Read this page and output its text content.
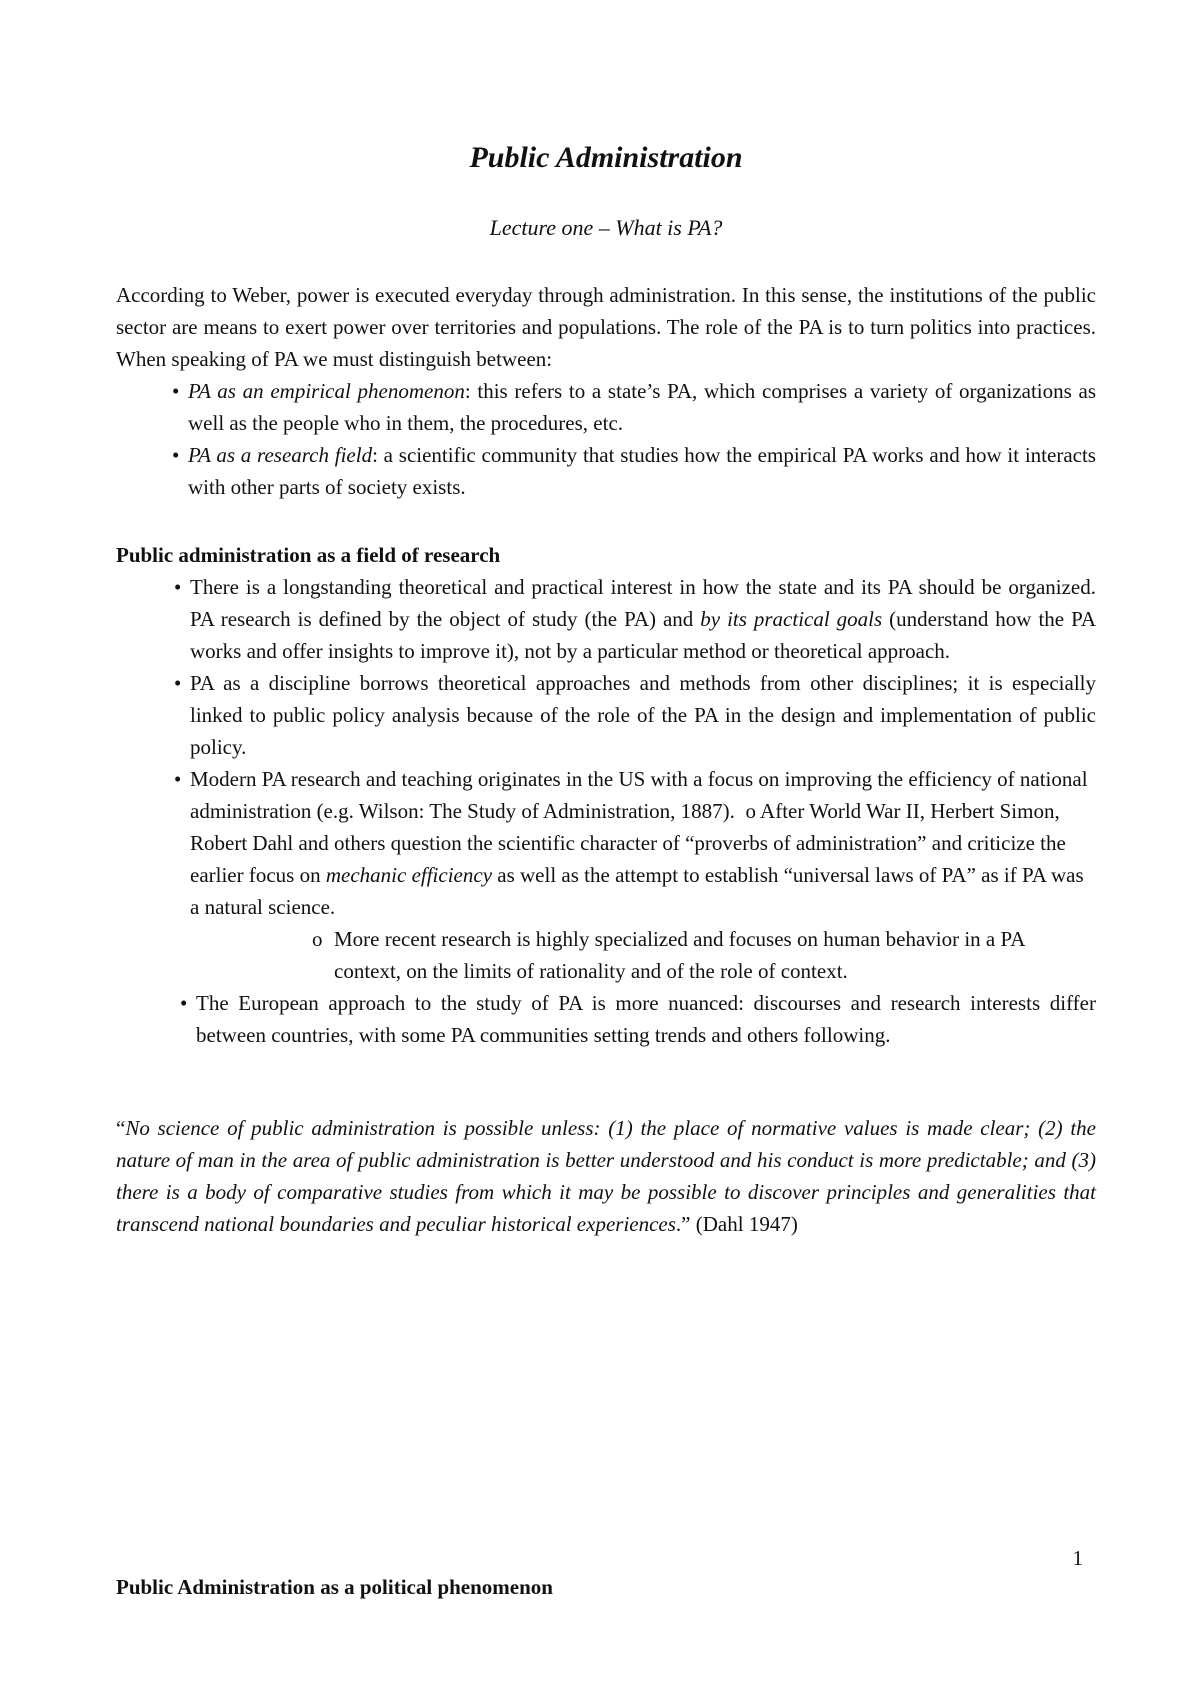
Public Administration
Lecture one – What is PA?

According to Weber, power is executed everyday through administration. In this sense, the institutions of the public sector are means to exert power over territories and populations. The role of the PA is to turn politics into practices. When speaking of PA we must distinguish between:

• PA as an empirical phenomenon: this refers to a state’s PA, which comprises a variety of organizations as well as the people who in them, the procedures, etc.
• PA as a research field: a scientific community that studies how the empirical PA works and how it interacts with other parts of society exists.
Public administration as a field of research
• There is a longstanding theoretical and practical interest in how the state and its PA should be organized. PA research is defined by the object of study (the PA) and by its practical goals (understand how the PA works and offer insights to improve it), not by a particular method or theoretical approach.
• PA as a discipline borrows theoretical approaches and methods from other disciplines; it is especially linked to public policy analysis because of the role of the PA in the design and implementation of public policy.
• Modern PA research and teaching originates in the US with a focus on improving the efficiency of national administration (e.g. Wilson: The Study of Administration, 1887). o After World War II, Herbert Simon, Robert Dahl and others question the scientific character of “proverbs of administration” and criticize the earlier focus on mechanic efficiency as well as the attempt to establish “universal laws of PA” as if PA was a natural science.
o More recent research is highly specialized and focuses on human behavior in a PA context, on the limits of rationality and of the role of context.
• The European approach to the study of PA is more nuanced: discourses and research interests differ between countries, with some PA communities setting trends and others following.
“No science of public administration is possible unless: (1) the place of normative values is made clear; (2) the nature of man in the area of public administration is better understood and his conduct is more predictable; and (3) there is a body of comparative studies from which it may be possible to discover principles and generalities that transcend national boundaries and peculiar historical experiences.” (Dahl 1947)
1
Public Administration as a political phenomenon
